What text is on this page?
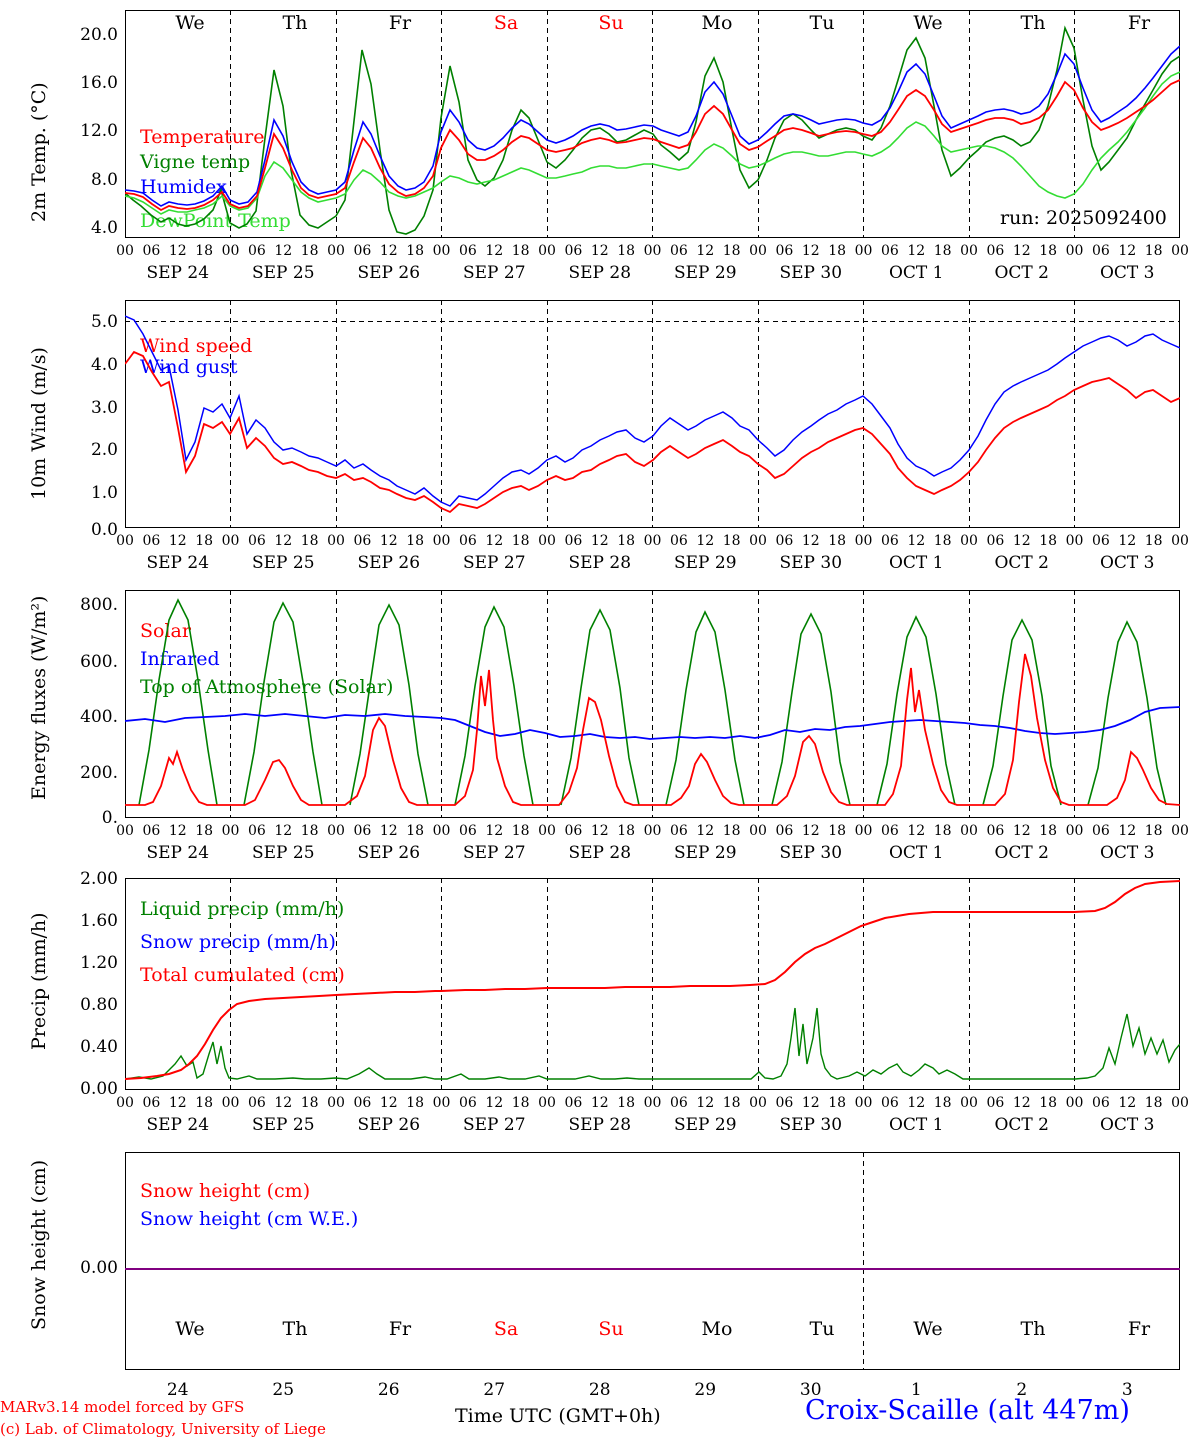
2m Temp. (°C)
20.0
16.0
12.0
8.0
4.0
Temperature
Vigne temp
Humidex
DewPoint Temp	run: 2025092400
We	Th	Fr	Sa	Su	Mo	Tu	We	Th	Fr
00 06 12 18 00 06 12 18 00 06 12 18 00 06 12 18 00 06 12 18 00 06 12 18 00 06 12 18 00 06 12 18 00 06 12 18 00 06 12 18 00
SEP 24	SEP 25	SEP 26	SEP 27	SEP 28	SEP 29	SEP 30	OCT 1	OCT 2	OCT 3
10m Wind (m/s)
5.0
4.0
3.0
2.0
1.0
0.0
Wind speed
Wind gust
00 06 12 18 00 06 12 18 00 06 12 18 00 06 12 18 00 06 12 18 00 06 12 18 00 06 12 18 00 06 12 18 00 06 12 18 00 06 12 18 00
SEP 24	SEP 25	SEP 26	SEP 27	SEP 28	SEP 29	SEP 30	OCT 1	OCT 2	OCT 3
Energy fluxes (W/m²)	800.
600.
400.
200.
0.
Solar
Infrared
Top of Atmosphere (Solar)
00 06 12 18 00 06 12 18 00 06 12 18 00 06 12 18 00 06 12 18 00 06 12 18 00 06 12 18 00 06 12 18 00 06 12 18 00 06 12 18 00
SEP 24	SEP 25	SEP 26	SEP 27	SEP 28	SEP 29	SEP 30	OCT 1	OCT 2	OCT 3
Precip (mm/h)
2.00
1.60
1.20
0.80
0.40
0.00
Liquid precip (mm/h)
Snow precip (mm/h)
Total cumulated (cm)
00 06 12 18 00 06 12 18 00 06 12 18 00 06 12 18 00 06 12 18 00 06 12 18 00 06 12 18 00 06 12 18 00 06 12 18 00 06 12 18 00
SEP 24	SEP 25	SEP 26	SEP 27	SEP 28	SEP 29	SEP 30	OCT 1	OCT 2	OCT 3
Snow height (cm)	0.00
Snow height (cm)
Snow height (cm W.E.)
We	Th	Fr	Sa	Su	Mo	Tu	We	Th	Fr
24	25	26	27	28	29	30	1	2	3
MARv3.14 model forced by GFS
(c) Lab. of Climatology, University of Liege
Time UTC (GMT+0h)	Croix-Scaille (alt 447m)
